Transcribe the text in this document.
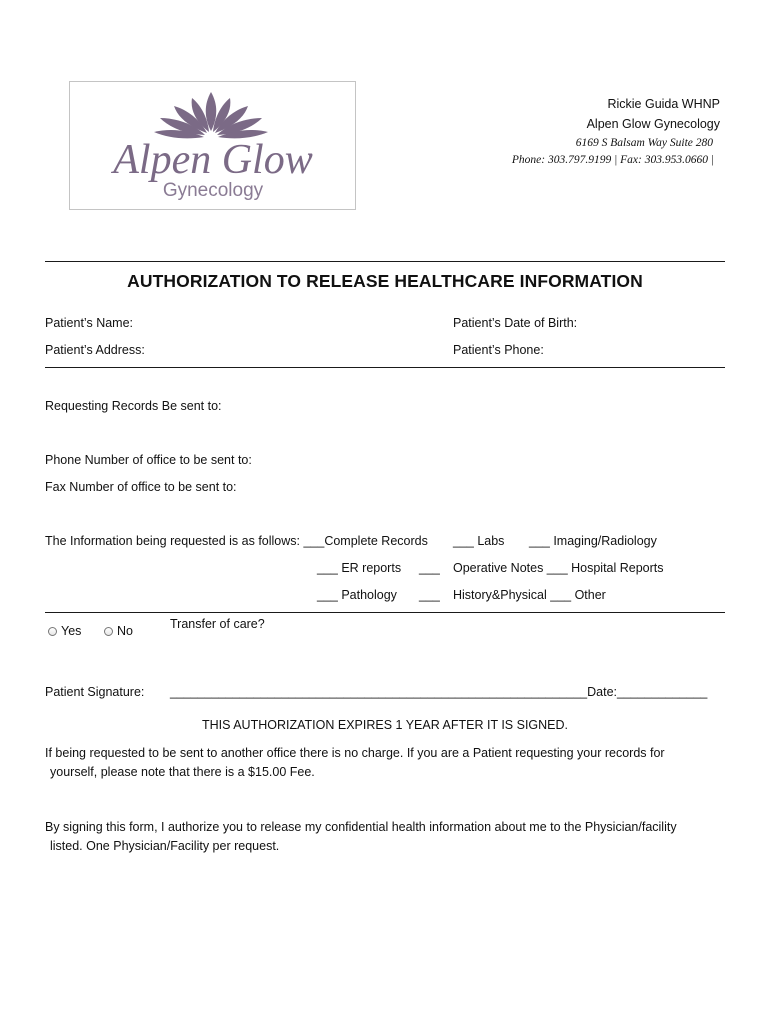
Alpen Glow
Gynecology
Rickie Guida WHNP
Alpen Glow Gynecology
6169 S Balsam Way Suite 280
Phone: 303.797.9199 | Fax: 303.953.0660 |
AUTHORIZATION TO RELEASE HEALTHCARE INFORMATION
Patient’s Name:	Patient’s Date of Birth:
Patient’s Address:	Patient’s Phone:
Requesting Records Be sent to:
Phone Number of office to be sent to:
Fax Number of office to be sent to:
The Information being requested is as follows: ___Complete Records ___ Labs ___ Imaging/Radiology
___ ER reports ___ Operative Notes ___ Hospital Reports
___ Pathology ___ History&Physical ___ Other
Yes	No	Transfer of care?
Patient Signature: ____________________________________________________________Date:_____________
THIS AUTHORIZATION EXPIRES 1 YEAR AFTER IT IS SIGNED.
If being requested to be sent to another office there is no charge. If you are a Patient requesting your records for
yourself, please note that there is a $15.00 Fee.
By signing this form, I authorize you to release my confidential health information about me to the Physician/facility
listed. One Physician/Facility per request.
